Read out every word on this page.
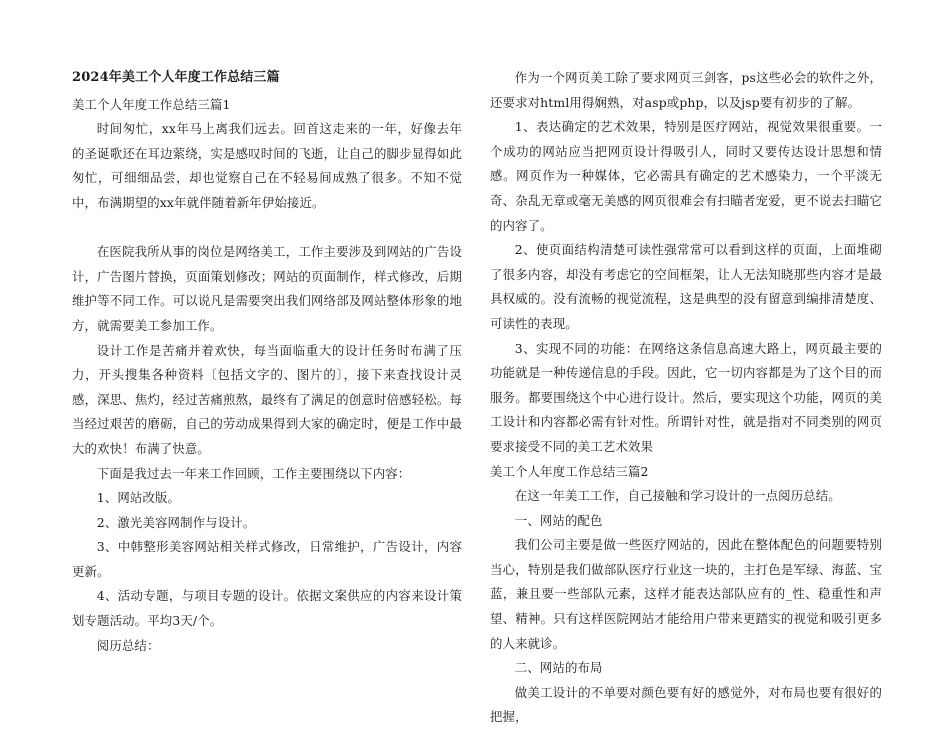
2024年美工个人年度工作总结三篇

美工个人年度工作总结三篇1

时间匆忙，xx年马上离我们远去。回首这走来的一年，好像去年的圣诞歌还在耳边萦绕，实是感叹时间的飞逝，让自己的脚步显得如此匆忙，可细细品尝，却也觉察自己在不轻易间成熟了很多。不知不觉中，布满期望的xx年就伴随着新年伊始接近。

在医院我所从事的岗位是网络美工，工作主要涉及到网站的广告设计，广告图片替换，页面策划修改；网站的页面制作，样式修改，后期维护等不同工作。可以说凡是需要突出我们网络部及网站整体形象的地方，就需要美工参加工作。

设计工作是苦痛并着欢快，每当面临重大的设计任务时布满了压力，开头搜集各种资料〔包括文字的、图片的〕，接下来查找设计灵感，深思、焦灼，经过苦痛煎熬，最终有了满足的创意时倍感轻松。每当经过艰苦的磨砺，自己的劳动成果得到大家的确定时，便是工作中最大的欢快！布满了快意。

下面是我过去一年来工作回顾，工作主要围绕以下内容：

1、网站改版。

2、激光美容网制作与设计。

3、中韩整形美容网站相关样式修改，日常维护，广告设计，内容更新。

4、活动专题，与项目专题的设计。依据文案供应的内容来设计策划专题活动。平均3天/个。

阅历总结：

作为一个网页美工除了要求网页三剑客，ps这些必会的软件之外，还要求对html用得娴熟，对asp或php，以及jsp要有初步的了解。

1、表达确定的艺术效果，特别是医疗网站，视觉效果很重要。一个成功的网站应当把网页设计得吸引人，同时又要传达设计思想和情感。网页作为一种媒体，它必需具有确定的艺术感染力，一个平淡无奇、杂乱无章或毫无美感的网页很难会有扫瞄者宠爱，更不说去扫瞄它的内容了。

2、使页面结构清楚可读性强常常可以看到这样的页面，上面堆砌了很多内容，却没有考虑它的空间框架，让人无法知晓那些内容才是最具权威的。没有流畅的视觉流程，这是典型的没有留意到编排清楚度、可读性的表现。

3、实现不同的功能：在网络这条信息高速大路上，网页最主要的功能就是一种传递信息的手段。因此，它一切内容都是为了这个目的而服务。都要围绕这个中心进行设计。然后，要实现这个功能，网页的美工设计和内容都必需有针对性。所谓针对性，就是指对不同类别的网页要求接受不同的美工艺术效果

美工个人年度工作总结三篇2

在这一年美工工作，自己接触和学习设计的一点阅历总结。

一、网站的配色

我们公司主要是做一些医疗网站的，因此在整体配色的问题要特别当心，特别是我们做部队医疗行业这一块的，主打色是军绿、海蓝、宝蓝，兼且要一些部队元素，这样才能表达部队应有的_性、稳重性和声望、精神。只有这样医院网站才能给用户带来更踏实的视觉和吸引更多的人来就诊。

二、网站的布局

做美工设计的不单要对颜色要有好的感觉外，对布局也要有很好的把握，
